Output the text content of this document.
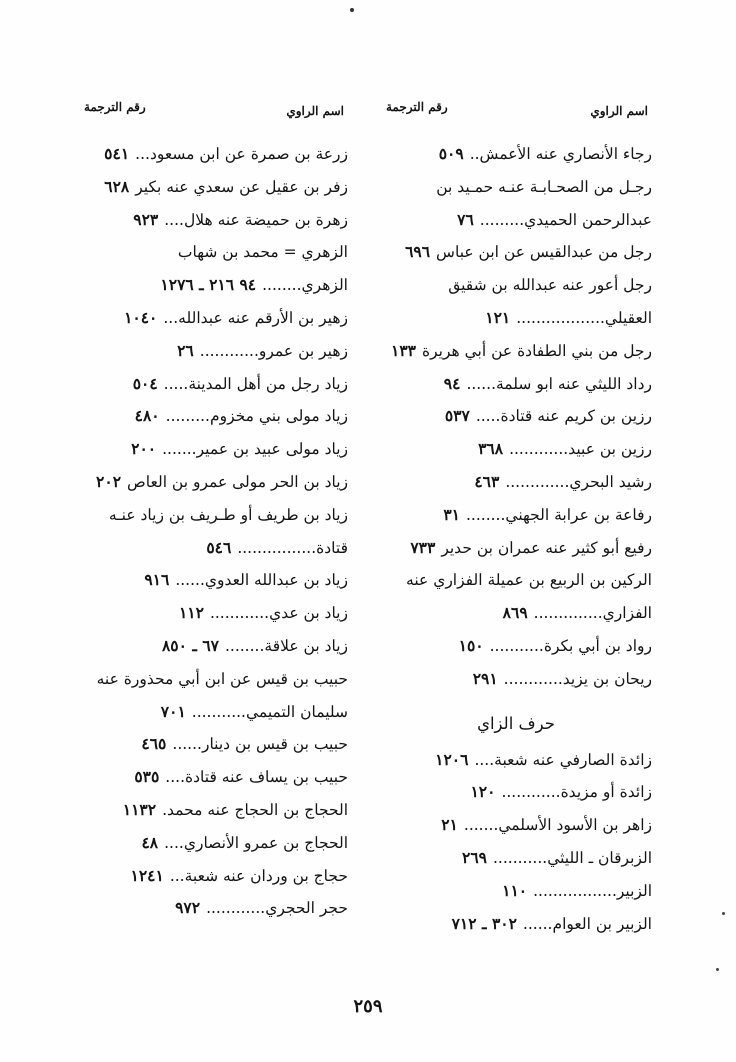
اسم الراوي
رقم الترجمة
رجاء الأنصاري عنه الأعمش..٥٠٩
رجـل من الصحـابـة عنـه حمـيد بن
عبدالرحمن الحميدي.........٧٦
رجل من عبدالقيس عن ابن عباس٦٩٦
رجل أعور عنه عبدالله بن شقيق
العقيلي..................١٢١
رجل من بني الطفادة عن أبي هريرة١٣٣
رداد الليثي عنه ابو سلمة......٩٤
رزين بن كريم عنه قتادة.....٥٣٧
رزين بن عبيد............٣٦٨
رشيد البحري.............٤٦٣
رفاعة بن عرابة الجهني........٣١
رفيع أبو كثير عنه عمران بن حدير٧٣٣
الركين بن الربيع بن عميلة الفزاري عنه
الفزاري..............٨٦٩
رواد بن أبي بكرة...........١٥٠
ريحان بن يزيد............٢٩١
حرف الزاي
زائدة الصارفي عنه شعبة....١٢٠٦
زائدة أو مزيدة............١٢٠
زاهر بن الأسود الأسلمي.......٢١
الزبرقان ـ الليثي...........٢٦٩
الزبير.................١١٠
الزبير بن العوام......٣٠٢ ـ ٧١٢
اسم الراوي
رقم الترجمة
زرعة بن صمرة عن ابن مسعود...٥٤١
زفر بن عقيل عن سعدي عنه بكير٦٢٨
زهرة بن حميضة عنه هلال....٩٢٣
الزهري = محمد بن شهاب
الزهري........٩٤ ٢١٦ ـ ١٢٧٦
زهير بن الأرقم عنه عبدالله...١٠٤٠
زهير بن عمرو............٢٦
زياد رجل من أهل المدينة.....٥٠٤
زياد مولى بني مخزوم.........٤٨٠
زياد مولى عبيد بن عمير.......٢٠٠
زياد بن الحر مولى عمرو بن العاص٢٠٢
زياد بن طريف أو طـريف بن زياد عنـه
قتادة................٥٤٦
زياد بن عبدالله العدوي......٩١٦
زياد بن عدي............١١٢
زياد بن علاقة........٦٧ ـ ٨٥٠
حبيب بن قيس عن ابن أبي محذورة عنه
سليمان التميمي...........٧٠١
حبيب بن قيس بن دينار......٤٦٥
حبيب بن يساف عنه قتادة....٥٣٥
الحجاج بن الحجاج عنه محمد.١١٣٢
الحجاج بن عمرو الأنصاري....٤٨
حجاج بن وردان عنه شعبة...١٢٤١
حجر الحجري............٩٧٢
٢٥٩
